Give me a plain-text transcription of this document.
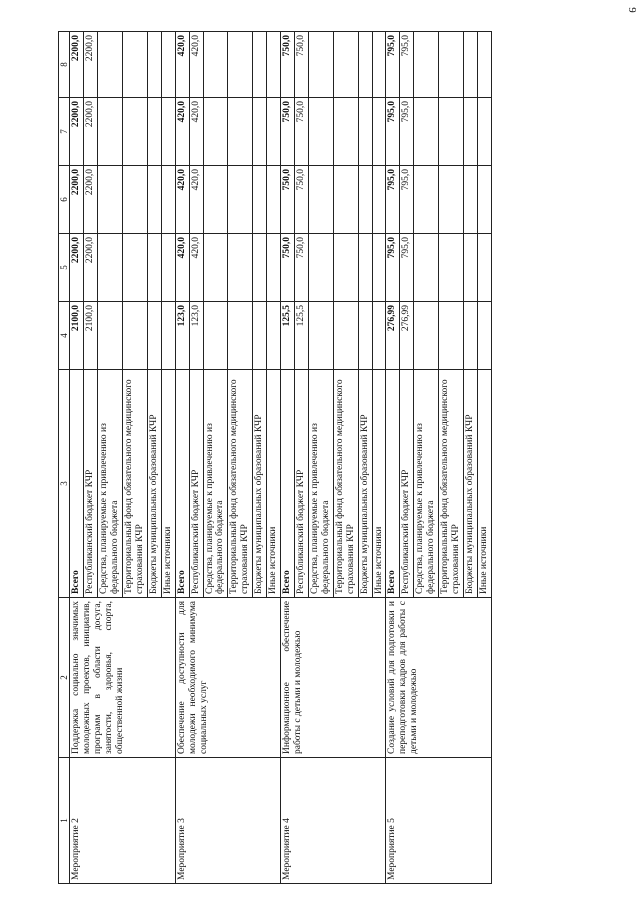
9
1	2	3	4	5	6	7	8
Мероприятие 2	Поддержка социально значимых молодежных проектов, инициатив, программ в области досуга, занятости, здоровья, спорта, общественной жизни	Всего	2100,0	2200,0	2200,0	2200,0	2200,0
		Республиканский бюджет КЧР	2100,0	2200,0	2200,0	2200,0	2200,0
		Средства, планируемые к привлечению из федерального бюджета					
		Территориальный фонд обязательного медицинского страхования КЧР					
		Бюджеты муниципальных образований КЧР					
		Иные источники					
Мероприятие 3	Обеспечение доступности для молодежи необходимого минимума социальных услуг	Всего	123,0	420,0	420,0	420,0	420,0
		Республиканский бюджет КЧР	123,0	420,0	420,0	420,0	420,0
		Средства, планируемые к привлечению из федерального бюджета					
		Территориальный фонд обязательного медицинского страхования КЧР					
		Бюджеты муниципальных образований КЧР					
		Иные источники					
Мероприятие 4	Информационное обеспечение работы с детьми и молодежью	Всего	125,5	750,0	750,0	750,0	750,0
		Республиканский бюджет КЧР	125,5	750,0	750,0	750,0	750,0
		Средства, планируемые к привлечению из федерального бюджета					
		Территориальный фонд обязательного медицинского страхования КЧР					
		Бюджеты муниципальных образований КЧР					
		Иные источники					
Мероприятие 5	Создание условий для подготовки и переподготовки кадров для работы с детьми и молодежью	Всего	276,99	795,0	795,0	795,0	795,0
		Республиканский бюджет КЧР	276,99	795,0	795,0	795,0	795,0
		Средства, планируемые к привлечению из федерального бюджета					
		Территориальный фонд обязательного медицинского страхования КЧР					
		Бюджеты муниципальных образований КЧР					
		Иные источники					
